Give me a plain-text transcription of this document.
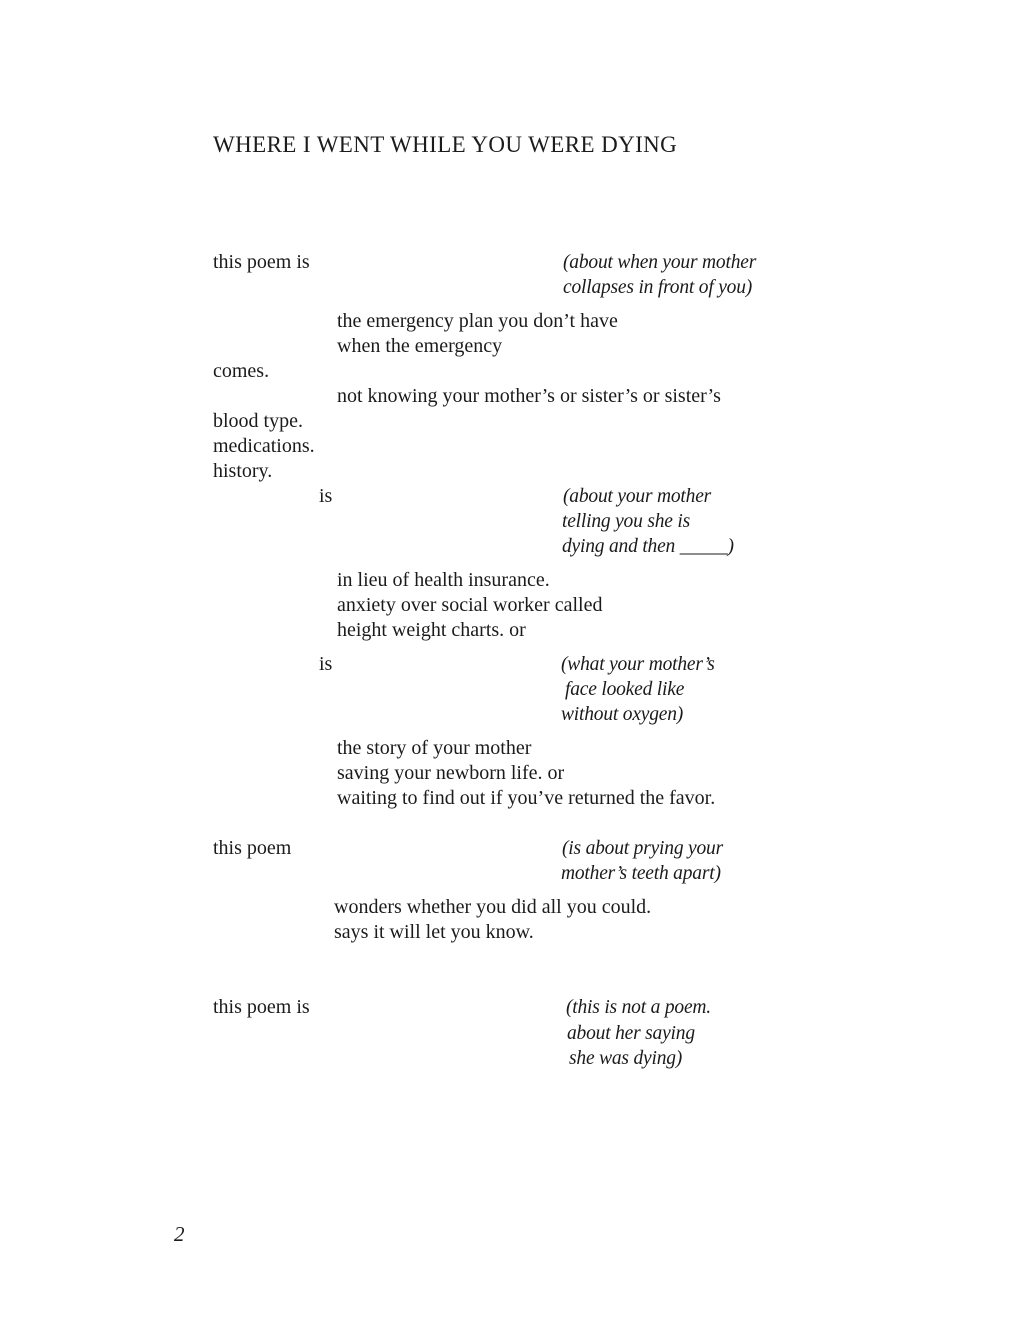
WHERE I WENT WHILE YOU WERE DYING

this poem is	(about when your mother

collapses in front of you)

the emergency plan you don’t have

when the emergency

comes.

not knowing your mother’s or sister’s or sister’s

blood type.

medications.

history.

is	(about your mother

telling you she is

dying and then _____)

in lieu of health insurance.

anxiety over social worker called

height weight charts. or

is	(what your mother’s

face looked like

without oxygen)

the story of your mother

saving your newborn life. or

waiting to find out if you’ve returned the favor.

this poem	(is about prying your

mother’s teeth apart)

wonders whether you did all you could.

says it will let you know.

this poem is	(this is not a poem.

about her saying

she was dying)

2
